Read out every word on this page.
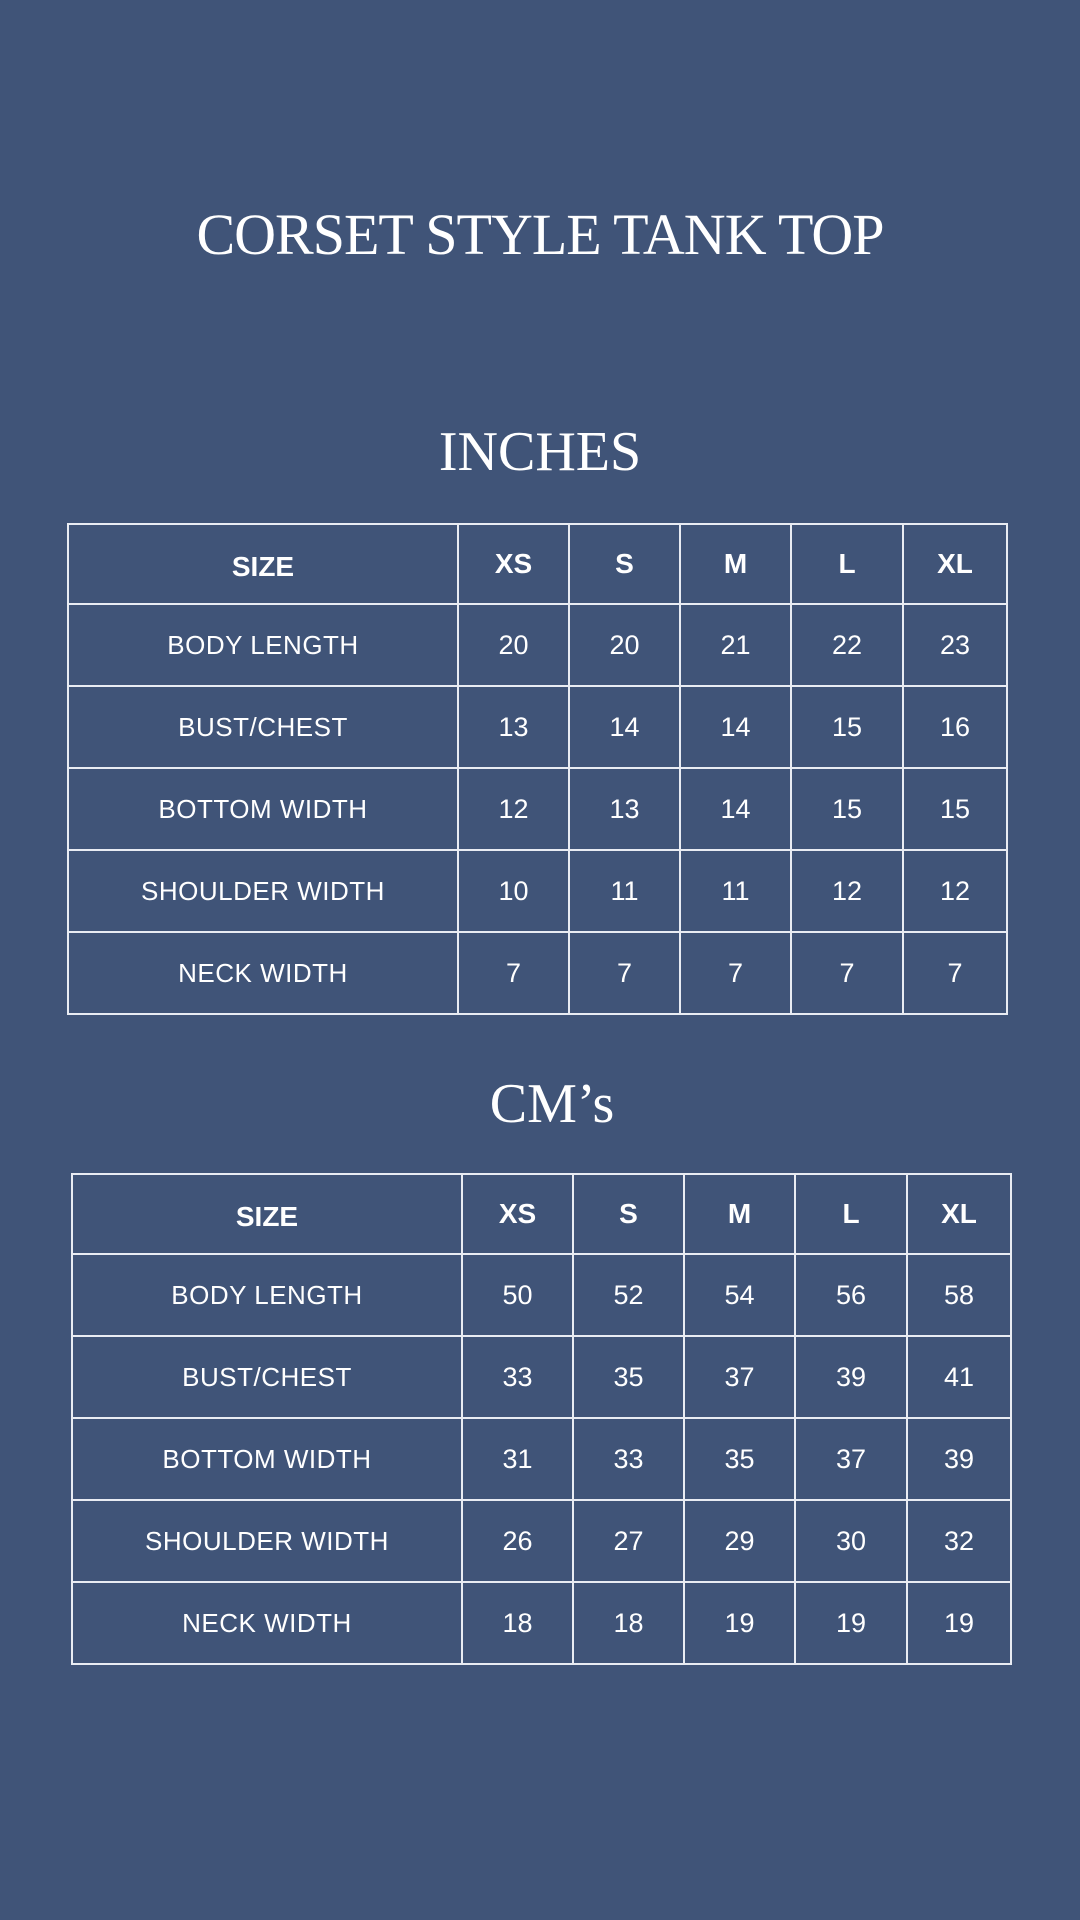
CORSET STYLE TANK TOP
INCHES
SIZE	XS	S	M	L	XL
BODY LENGTH	20	20	21	22	23
BUST/CHEST	13	14	14	15	16
BOTTOM WIDTH	12	13	14	15	15
SHOULDER WIDTH	10	11	11	12	12
NECK WIDTH	7	7	7	7	7
CM’s
SIZE	XS	S	M	L	XL
BODY LENGTH	50	52	54	56	58
BUST/CHEST	33	35	37	39	41
BOTTOM WIDTH	31	33	35	37	39
SHOULDER WIDTH	26	27	29	30	32
NECK WIDTH	18	18	19	19	19
